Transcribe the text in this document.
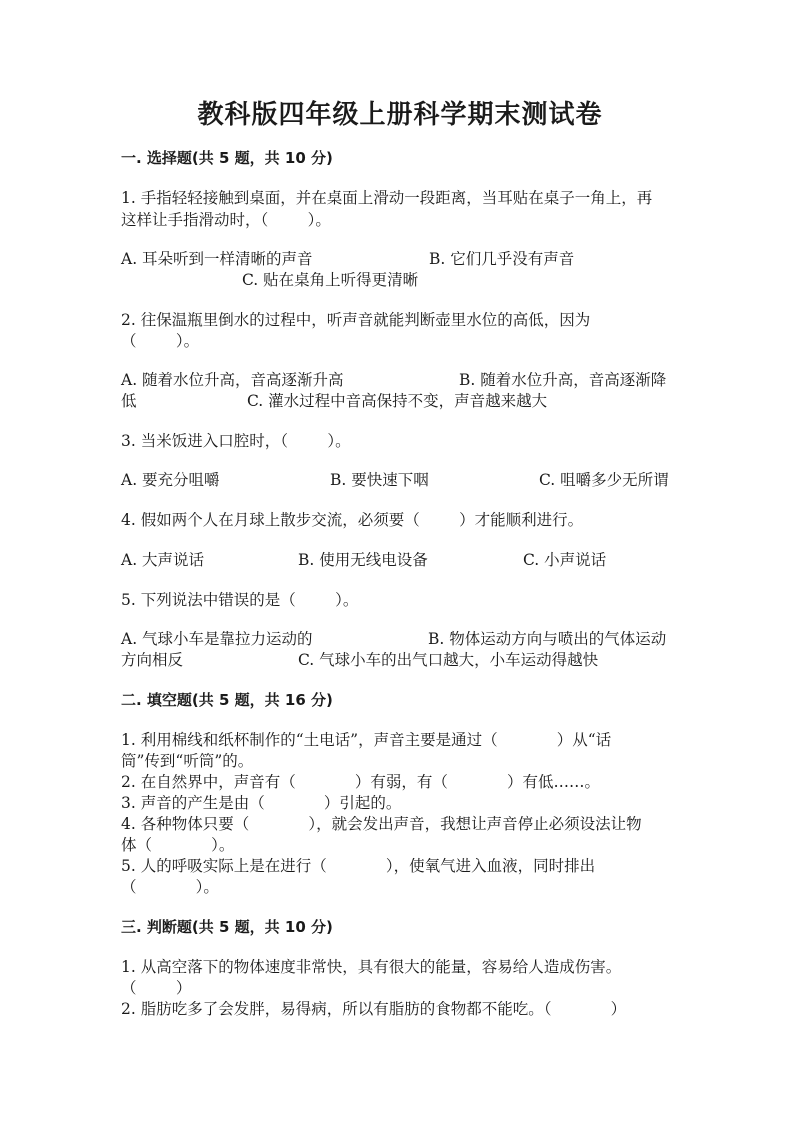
教科版四年级上册科学期末测试卷

一. 选择题(共 5 题，共 10 分)

1. 手指轻轻接触到桌面，并在桌面上滑动一段距离，当耳贴在桌子一角上，再

这样让手指滑动时，（        ）。

A. 耳朵听到一样清晰的声音	B. 它们几乎没有声音

C. 贴在桌角上听得更清晰

2. 往保温瓶里倒水的过程中，听声音就能判断壶里水位的高低，因为

（        ）。

A. 随着水位升高，音高逐渐升高	B. 随着水位升高，音高逐渐降

低	C. 灌水过程中音高保持不变，声音越来越大

3. 当米饭进入口腔时，（        ）。

A. 要充分咀嚼	B. 要快速下咽	C. 咀嚼多少无所谓

4. 假如两个人在月球上散步交流，必须要（        ）才能顺利进行。

A. 大声说话	B. 使用无线电设备	C. 小声说话

5. 下列说法中错误的是（        ）。

A. 气球小车是靠拉力运动的	B. 物体运动方向与喷出的气体运动

方向相反	C. 气球小车的出气口越大，小车运动得越快

二. 填空题(共 5 题，共 16 分)

1. 利用棉线和纸杯制作的“土电话”，声音主要是通过（            ）从“话

筒”传到“听筒”的。

2. 在自然界中，声音有（            ）有弱，有（            ）有低……。

3. 声音的产生是由（            ）引起的。

4. 各种物体只要（            ），就会发出声音，我想让声音停止必须设法让物

体（            ）。

5. 人的呼吸实际上是在进行（            ），使氧气进入血液，同时排出

（            ）。

三. 判断题(共 5 题，共 10 分)

1. 从高空落下的物体速度非常快，具有很大的能量，容易给人造成伤害。

（        ）

2. 脂肪吃多了会发胖，易得病，所以有脂肪的食物都不能吃。（            ）
